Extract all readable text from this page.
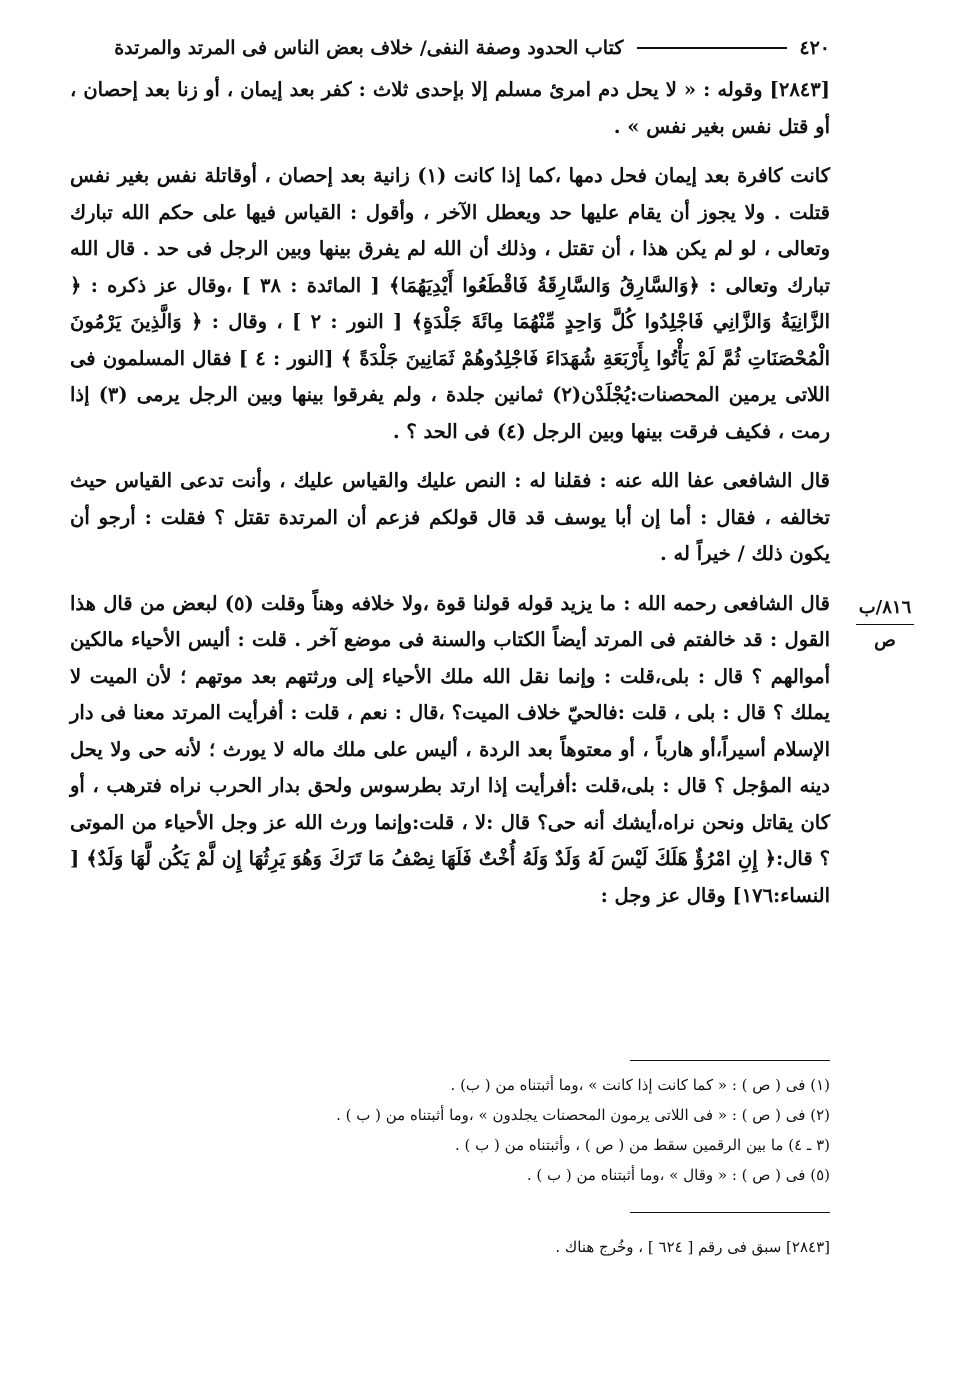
٤٢٠
كتاب الحدود وصفة النفى/ خلاف بعض الناس فى المرتد والمرتدة

[٢٨٤٣] وقوله : « لا يحل دم امرئ مسلم إلا بإحدى ثلاث : كفر بعد إيمان ، أو زنا بعد إحصان ، أو قتل نفس بغير نفس » .

كانت كافرة بعد إيمان فحل دمها ،كما إذا كانت (١) زانية بعد إحصان ، أوقاتلة نفس بغير نفس قتلت . ولا يجوز أن يقام عليها حد ويعطل الآخر ، وأقول : القياس فيها على حكم الله تبارك وتعالى ، لو لم يكن هذا ، أن تقتل ، وذلك أن الله لم يفرق بينها وبين الرجل فى حد . قال الله تبارك وتعالى : ﴿وَالسَّارِقُ وَالسَّارِقَةُ فَاقْطَعُوا أَيْدِيَهُمَا﴾ [ المائدة : ٣٨ ] ،وقال عز ذكره : ﴿ الزَّانِيَةُ وَالزَّانِي فَاجْلِدُوا كُلَّ وَاحِدٍ مِّنْهُمَا مِائَةَ جَلْدَةٍ﴾ [ النور : ٢ ] ، وقال : ﴿ وَالَّذِينَ يَرْمُونَ الْمُحْصَنَاتِ ثُمَّ لَمْ يَأْتُوا بِأَرْبَعَةِ شُهَدَاءَ فَاجْلِدُوهُمْ ثَمَانِينَ جَلْدَةً ﴾ [النور : ٤ ] فقال المسلمون فى اللاتى يرمين المحصنات:يُجْلَدْن(٢) ثمانين جلدة ، ولم يفرقوا بينها وبين الرجل يرمى (٣) إذا رمت ، فكيف فرقت بينها وبين الرجل (٤) فى الحد ؟ .

قال الشافعى عفا الله عنه : فقلنا له : النص عليك والقياس عليك ، وأنت تدعى القياس حيث تخالفه ، فقال : أما إن أبا يوسف قد قال قولكم فزعم أن المرتدة تقتل ؟ فقلت : أرجو أن يكون ذلك / خيراً له .

قال الشافعى رحمه الله : ما يزيد قوله قولنا قوة ،ولا خلافه وهناً وقلت (٥) لبعض من قال هذا القول : قد خالفتم فى المرتد أيضاً الكتاب والسنة فى موضع آخر . قلت : أليس الأحياء مالكين أموالهم ؟ قال : بلى،قلت : وإنما نقل الله ملك الأحياء إلى ورثتهم بعد موتهم ؛ لأن الميت لا يملك ؟ قال : بلى ، قلت :فالحيّ خلاف الميت؟ ،قال : نعم ، قلت : أفرأيت المرتد معنا فى دار الإسلام أسيراً،أو هارباً ، أو معتوهاً بعد الردة ، أليس على ملك ماله لا يورث ؛ لأنه حى ولا يحل دينه المؤجل ؟ قال : بلى،قلت :أفرأيت إذا ارتد بطرسوس ولحق بدار الحرب نراه فترهب ، أو كان يقاتل ونحن نراه،أيشك أنه حى؟ قال :لا ، قلت:وإنما ورث الله عز وجل الأحياء من الموتى ؟ قال:﴿ إِنِ امْرُؤٌ هَلَكَ لَيْسَ لَهُ وَلَدٌ وَلَهُ أُخْتٌ فَلَهَا نِصْفُ مَا تَرَكَ وَهُوَ يَرِثُهَا إِن لَّمْ يَكُن لَّهَا وَلَدٌ﴾ [ النساء:١٧٦] وقال عز وجل :

٨١٦/ب
ص

(١) فى ( ص ) : « كما كانت إذا كانت » ،وما أثبتناه من ( ب) .

(٢) فى ( ص ) : « فى اللاتى يرمون المحصنات يجلدون » ،وما أثبتناه من ( ب ) .

(٣ ـ ٤) ما بين الرقمين سقط من ( ص ) ، وأثبتناه من ( ب ) .

(٥) فى ( ص ) : « وقال » ،وما أثبتناه من ( ب ) .

[٢٨٤٣] سبق فى رقم [ ٦٢٤ ] ، وخُرج هناك .
